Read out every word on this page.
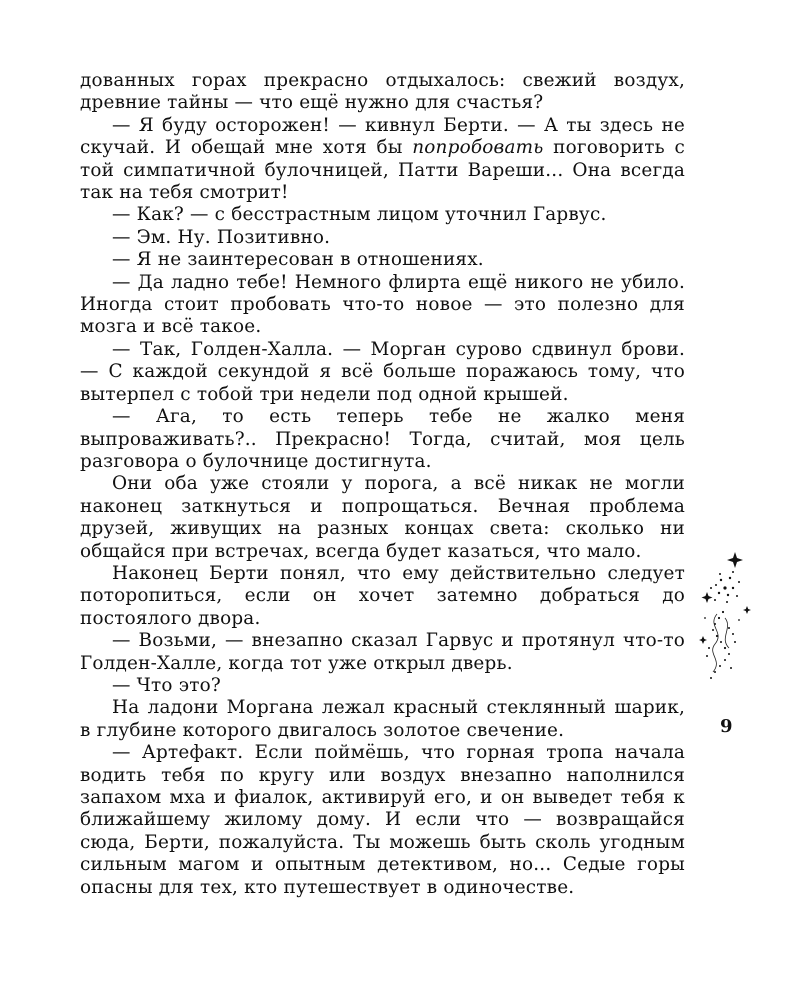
дованных горах прекрасно отдыхалось: свежий воздух, древние тайны — что ещё нужно для счастья?

— Я буду осторожен! — кивнул Берти. — А ты здесь не скучай. И обещай мне хотя бы попробовать поговорить с той симпатичной булочницей, Патти Вареши... Она всегда так на тебя смотрит!

— Как? — с бесстрастным лицом уточнил Гарвус.

— Эм. Ну. Позитивно.

— Я не заинтересован в отношениях.

— Да ладно тебе! Немного флирта ещё никого не убило. Иногда стоит пробовать что-то новое — это полезно для мозга и всё такое.

— Так, Голден-Халла. — Морган сурово сдвинул брови. — С каждой секундой я всё больше поражаюсь тому, что вытерпел с тобой три недели под одной крышей.

— Ага, то есть теперь тебе не жалко меня выпроваживать?.. Прекрасно! Тогда, считай, моя цель разговора о булочнице достигнута.

Они оба уже стояли у порога, а всё никак не могли наконец заткнуться и попрощаться. Вечная проблема друзей, живущих на разных концах света: сколько ни общайся при встречах, всегда будет казаться, что мало.

Наконец Берти понял, что ему действительно следует поторопиться, если он хочет затемно добраться до постоялого двора.

— Возьми, — внезапно сказал Гарвус и протянул что-то Голден-Халле, когда тот уже открыл дверь.

— Что это?

На ладони Моргана лежал красный стеклянный шарик, в глубине которого двигалось золотое свечение.

— Артефакт. Если поймёшь, что горная тропа начала водить тебя по кругу или воздух внезапно наполнился запахом мха и фиалок, активируй его, и он выведет тебя к ближайшему жилому дому. И если что — возвращайся сюда, Берти, пожалуйста. Ты можешь быть сколь угодным сильным магом и опытным детективом, но... Седые горы опасны для тех, кто путешествует в одиночестве.

9
